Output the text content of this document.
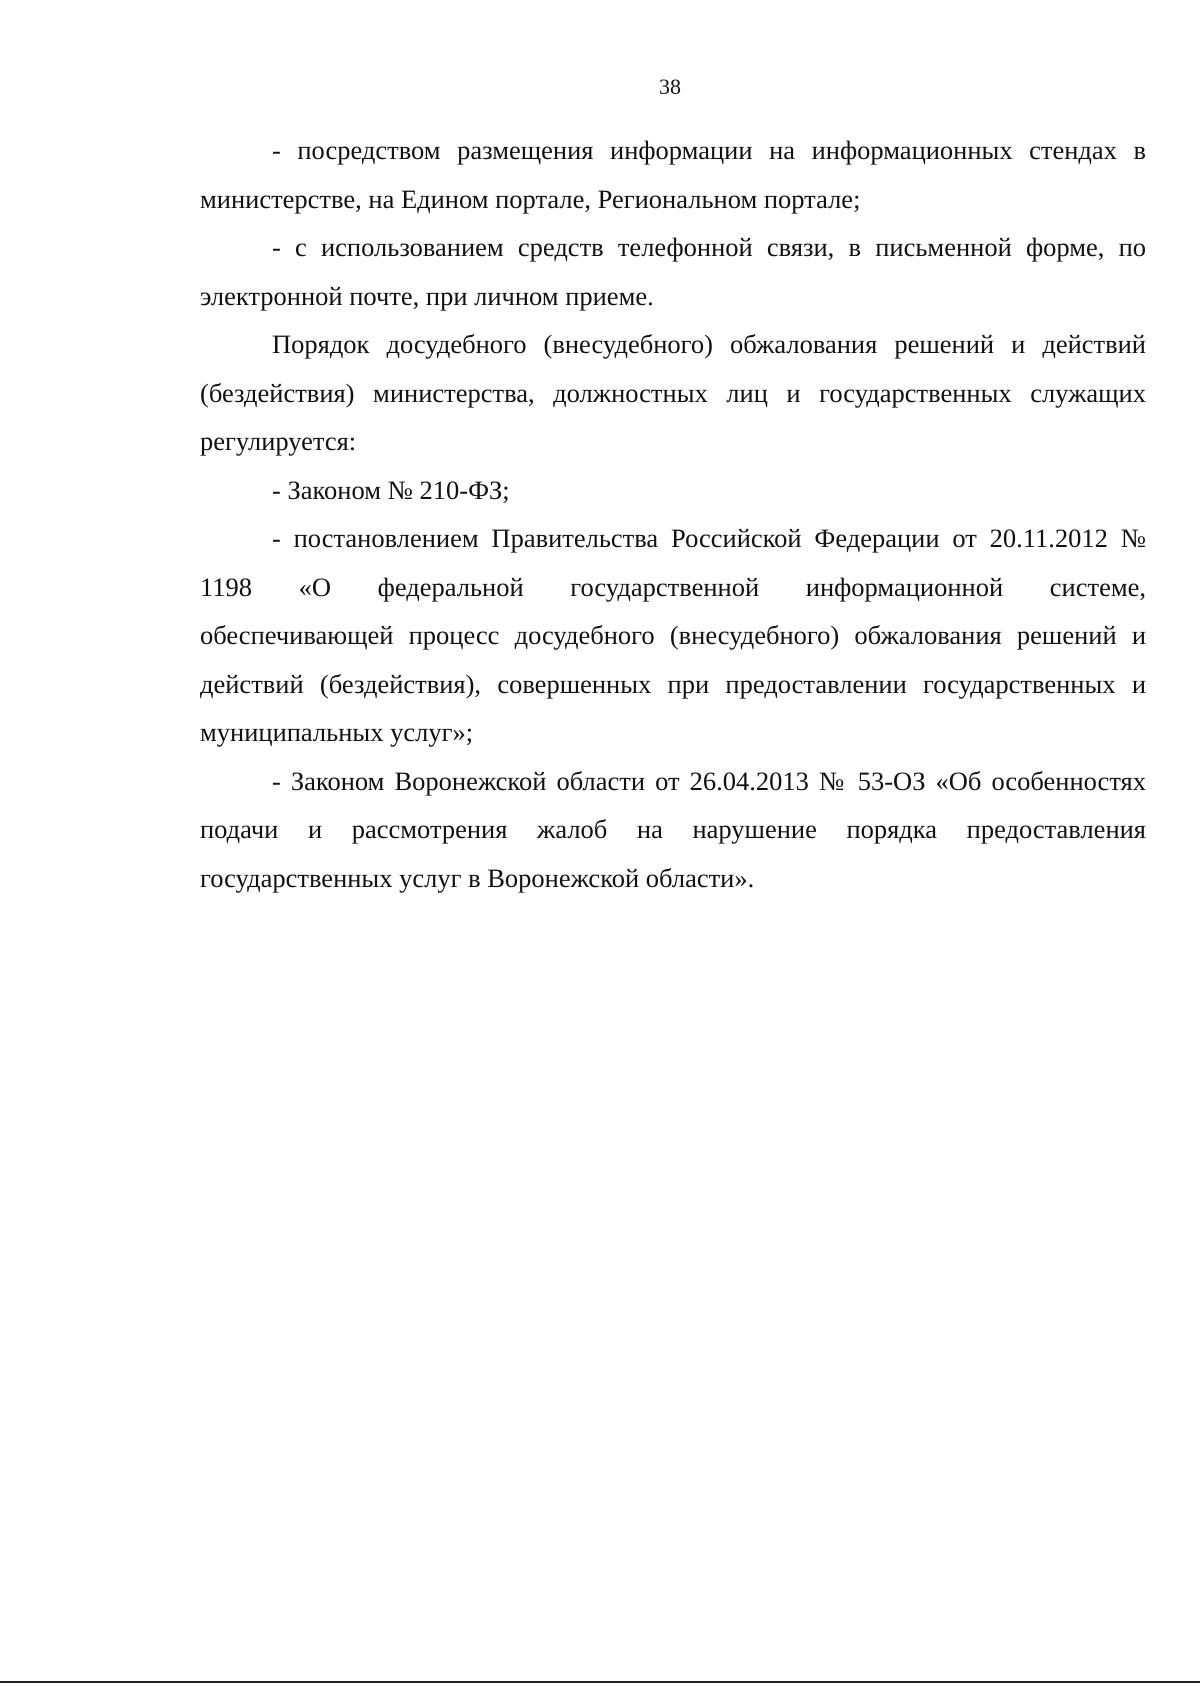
38

- посредством размещения информации на информационных стендах в министерстве, на Едином портале, Региональном портале;

- с использованием средств телефонной связи, в письменной форме, по электронной почте, при личном приеме.

Порядок досудебного (внесудебного) обжалования решений и действий (бездействия) министерства, должностных лиц и государственных служащих регулируется:

- Законом № 210-ФЗ;

- постановлением Правительства Российской Федерации от 20.11.2012 № 1198 «О федеральной государственной информационной системе, обеспечивающей процесс досудебного (внесудебного) обжалования решений и действий (бездействия), совершенных при предоставлении государственных и муниципальных услуг»;

- Законом Воронежской области от 26.04.2013 № 53-ОЗ «Об особенностях подачи и рассмотрения жалоб на нарушение порядка предоставления государственных услуг в Воронежской области».
